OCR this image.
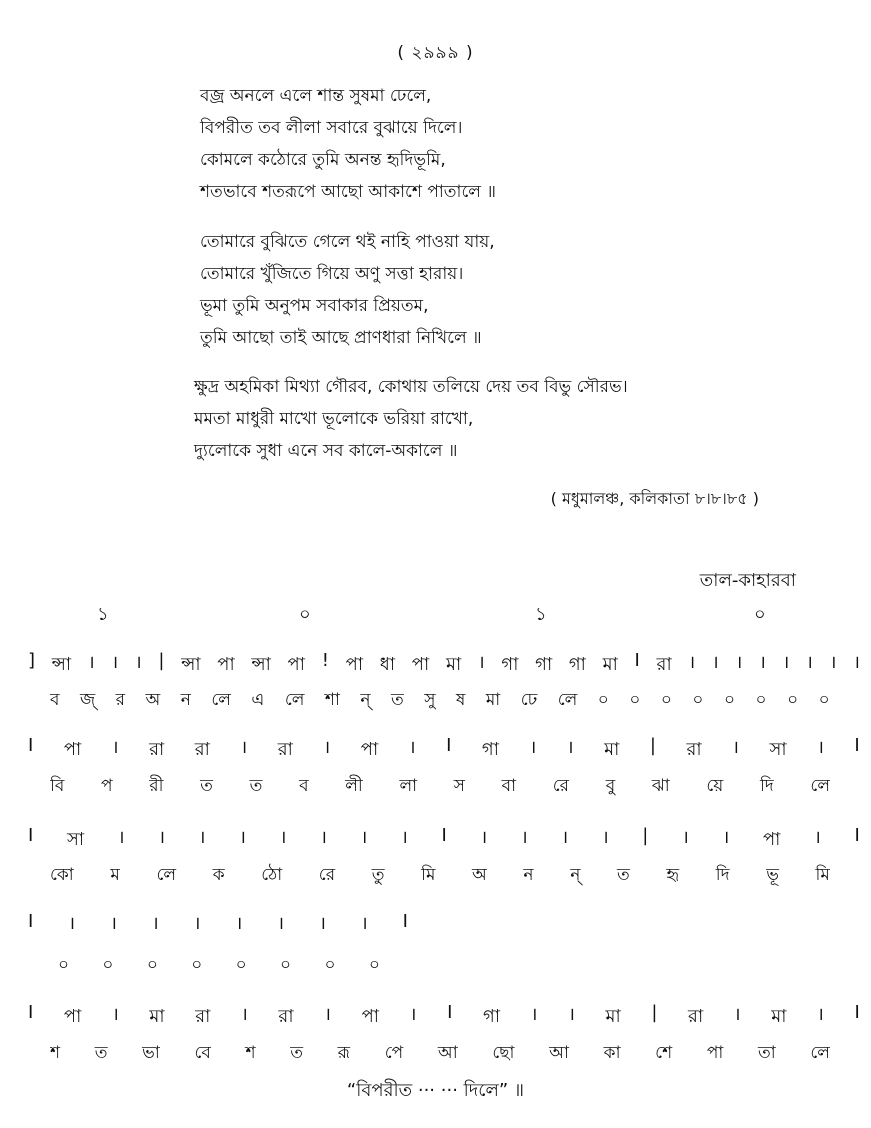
( ২৯৯৯ )
বজ্র অনলে এলে শান্ত সুষমা ঢেলে,
বিপরীত তব লীলা সবারে বুঝায়ে দিলে।
কোমলে কঠোরে তুমি অনন্ত হৃদিভূমি,
শতভাবে শতরূপে আছো আকাশে পাতালে ॥
তোমারে বুঝিতে গেলে থই নাহি পাওয়া যায়,
তোমারে খুঁজিতে গিয়ে অণু সত্তা হারায়।
ভূমা তুমি অনুপম সবাকার প্রিয়তম,
তুমি আছো তাই আছে প্রাণধারা নিখিলে ॥
ক্ষুদ্র অহমিকা মিথ্যা গৌরব, কোথায় তলিয়ে দেয় তব বিভু সৌরভ।
মমতা মাধুরী মাখো ভূলোকে ভরিয়া রাখো,
দ্যুলোকে সুধা এনে সব কালে-অকালে ॥
( মধুমালঞ্চ, কলিকাতা ৮।৮।৮৫ )
তাল-কাহারবা
১	০	১	০
] ন্সা । । । | ন্সা পা ন্সা পা ! পা ধা পা মা । গা গা গা মা I রা । । । । । । । ।
ব জ্ র অ ন লে এ লে শা ন্ ত সু ষ মা ঢে লে ০ ০ ০ ০ ০ ০ ০ ০
I পা । রা রা । রা । পা । I গা । । মা | রা । সা । I
বি প রী ত ত ব লী লা স বা রে বু ঝা য়ে দি লে
I সা । । । । । । । । I । । । । | । । পা । I
কো ম লে ক ঠো রে তু মি অ ন ন্ ত হৃ দি ভূ মি
I । । । । । । । । I
০ ০ ০ ০ ০ ০ ০ ০
I পা । মা রা । রা । পা । I গা । । মা | রা । মা । I
শ ত ভা বে শ ত রূ পে আ ছো আ কা শে পা তা লে
“বিপরীত ··· ··· দিলে” ॥
